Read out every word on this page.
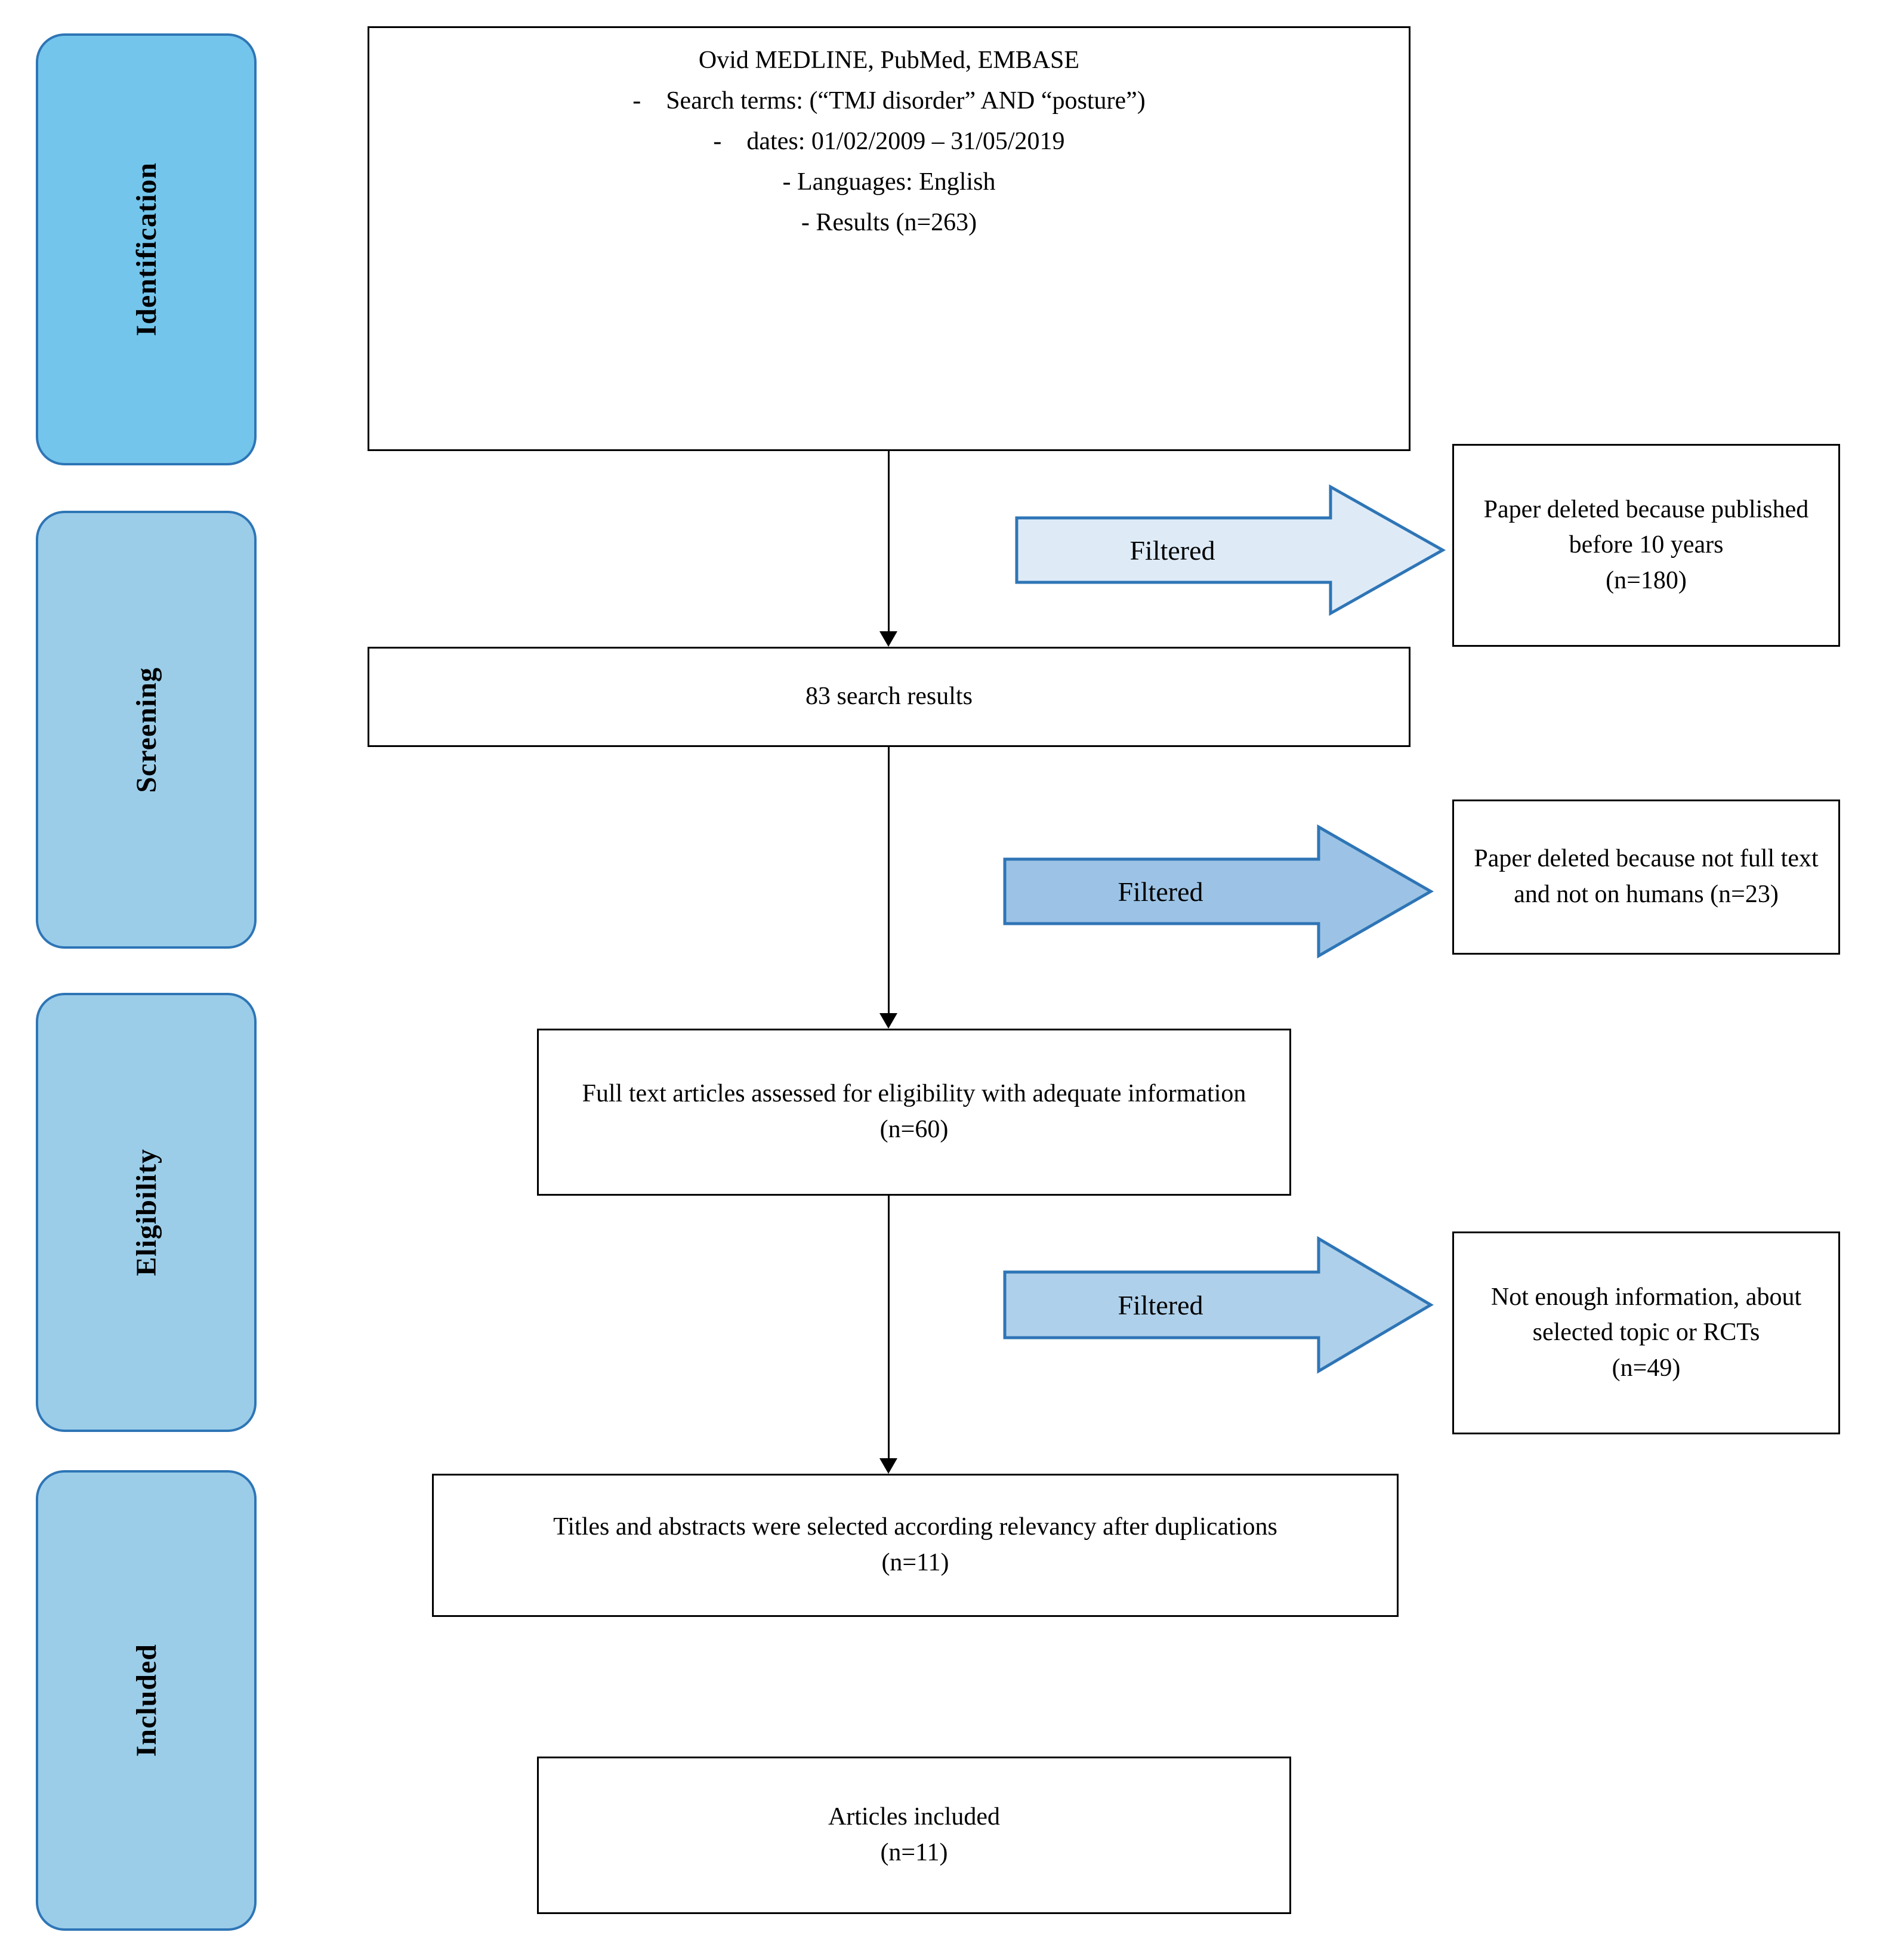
Identification
Screening
Eligibility
Included
Ovid MEDLINE, PubMed, EMBASE
-    Search terms: (“TMJ disorder” AND “posture”)
-    dates: 01/02/2009 – 31/05/2019
- Languages: English
- Results (n=263)
83 search results
Full text articles assessed for eligibility with adequate information
(n=60)
Titles and abstracts were selected according relevancy after duplications
(n=11)
Articles included
(n=11)
Filtered
Filtered
Filtered
Paper deleted because published before 10 years
(n=180)
Paper deleted because not full text and not on humans (n=23)
Not enough information, about selected topic or RCTs
(n=49)
